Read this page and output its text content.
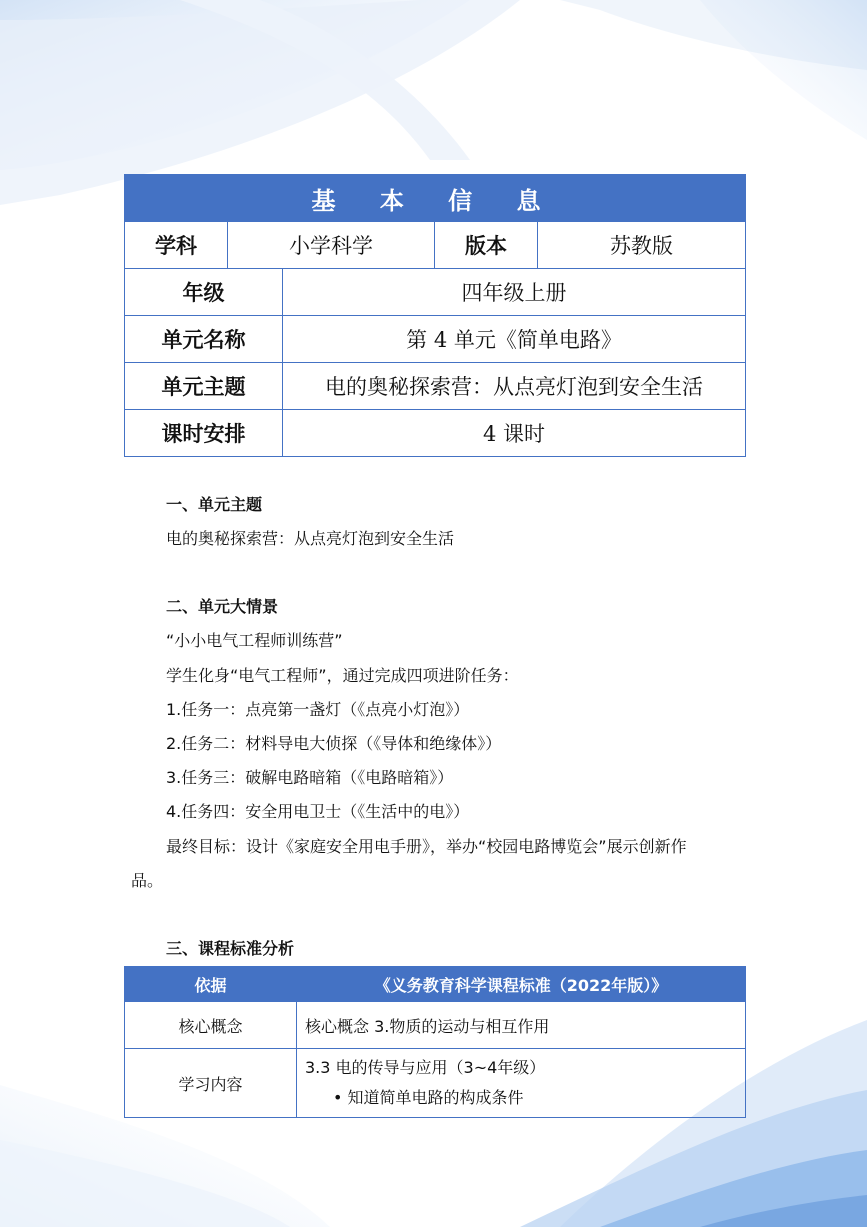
基 本 信 息				
学科	小学科学		版本	苏教版
年级		四年级上册		
单元名称		第 4 单元《简单电路》		
单元主题		电的奥秘探索营：从点亮灯泡到安全生活		
课时安排		4 课时		
一、单元主题
电的奥秘探索营：从点亮灯泡到安全生活
二、单元大情景
“小小电气工程师训练营”
学生化身“电气工程师”，通过完成四项进阶任务：
1.任务一：点亮第一盏灯（《点亮小灯泡》）
2.任务二：材料导电大侦探（《导体和绝缘体》）
3.任务三：破解电路暗箱（《电路暗箱》）
4.任务四：安全用电卫士（《生活中的电》）
最终目标：设计《家庭安全用电手册》，举办“校园电路博览会”展示创新作
品。
三、课程标准分析
依据	《义务教育科学课程标准（2022年版）》
核心概念	核心概念 3.物质的运动与相互作用
学习内容	3.3 电的传导与应用（3~4年级）
• 知道简单电路的构成条件
